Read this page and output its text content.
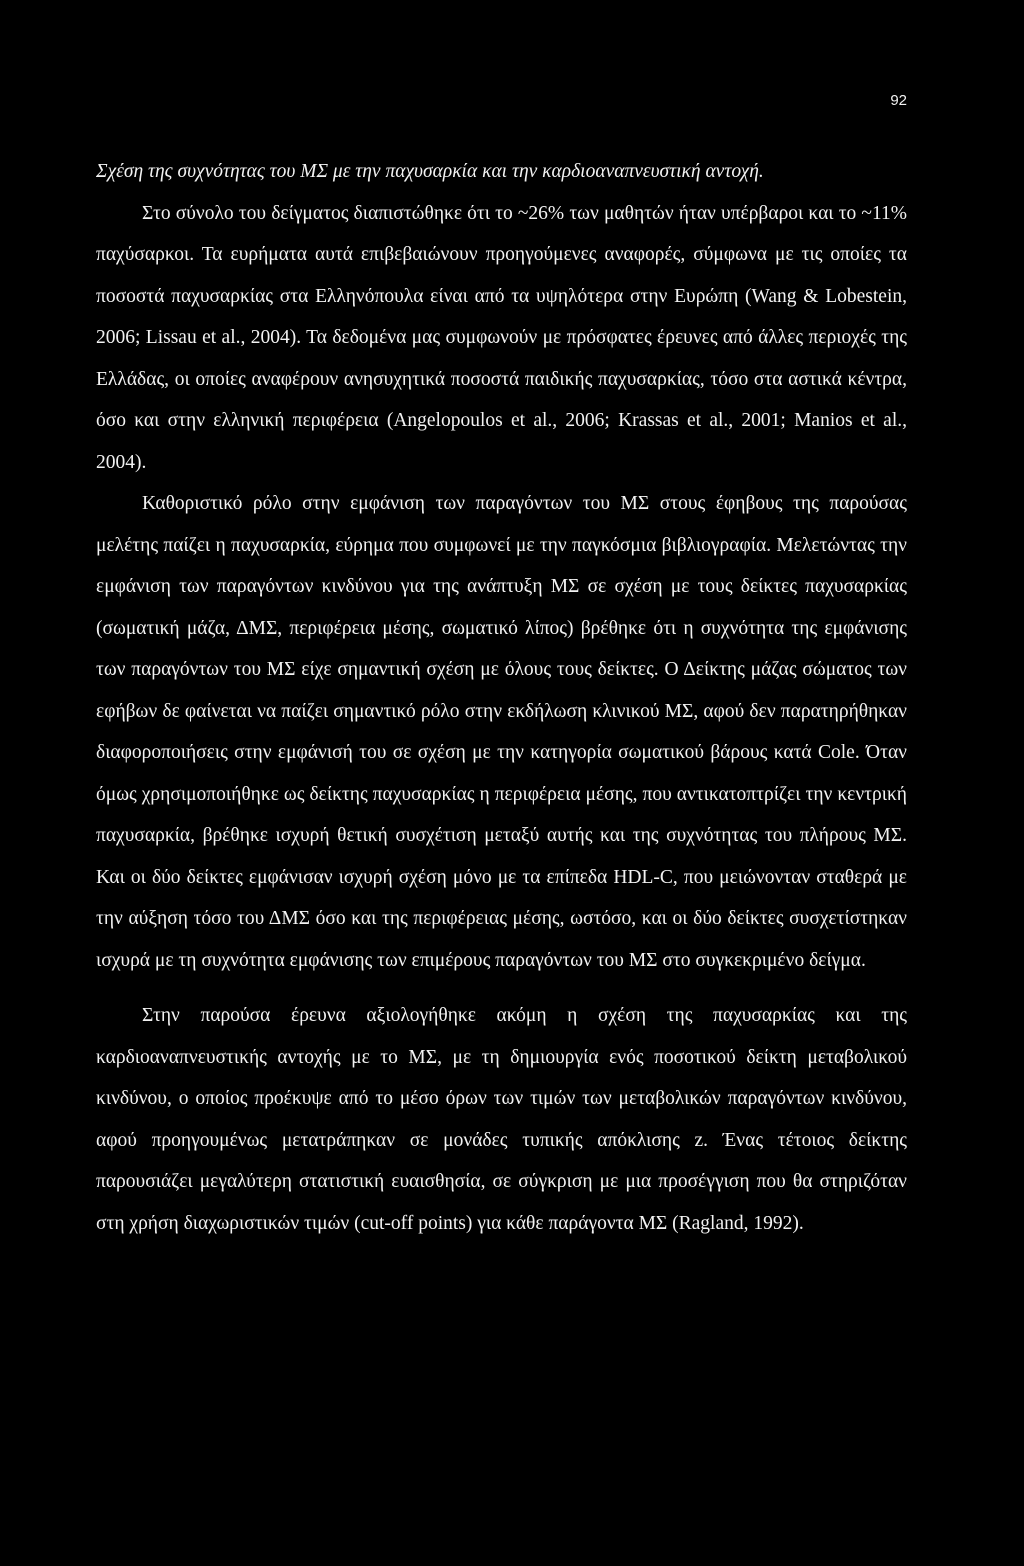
92
Σχέση της συχνότητας του ΜΣ με την παχυσαρκία και την καρδιοαναπνευστική αντοχή.

Στο σύνολο του δείγματος διαπιστώθηκε ότι το ~26% των μαθητών ήταν υπέρβαροι και το ~11% παχύσαρκοι. Τα ευρήματα αυτά επιβεβαιώνουν προηγούμενες αναφορές, σύμφωνα με τις οποίες τα ποσοστά παχυσαρκίας στα Ελληνόπουλα είναι από τα υψηλότερα στην Ευρώπη (Wang & Lobestein, 2006; Lissau et al., 2004). Τα δεδομένα μας συμφωνούν με πρόσφατες έρευνες από άλλες περιοχές της Ελλάδας, οι οποίες αναφέρουν ανησυχητικά ποσοστά παιδικής παχυσαρκίας, τόσο στα αστικά κέντρα, όσο και στην ελληνική περιφέρεια (Angelopoulos et al., 2006; Krassas et al., 2001; Manios et al., 2004).

Καθοριστικό ρόλο στην εμφάνιση των παραγόντων του ΜΣ στους έφηβους της παρούσας μελέτης παίζει η παχυσαρκία, εύρημα που συμφωνεί με την παγκόσμια βιβλιογραφία. Μελετώντας την εμφάνιση των παραγόντων κινδύνου για της ανάπτυξη ΜΣ σε σχέση με τους δείκτες παχυσαρκίας (σωματική μάζα, ΔΜΣ, περιφέρεια μέσης, σωματικό λίπος) βρέθηκε ότι η συχνότητα της εμφάνισης των παραγόντων του ΜΣ είχε σημαντική σχέση με όλους τους δείκτες. Ο Δείκτης μάζας σώματος των εφήβων δε φαίνεται να παίζει σημαντικό ρόλο στην εκδήλωση κλινικού ΜΣ, αφού δεν παρατηρήθηκαν διαφοροποιήσεις στην εμφάνισή του σε σχέση με την κατηγορία σωματικού βάρους κατά Cole. Όταν όμως χρησιμοποιήθηκε ως δείκτης παχυσαρκίας η περιφέρεια μέσης, που αντικατοπτρίζει την κεντρική παχυσαρκία, βρέθηκε ισχυρή θετική συσχέτιση μεταξύ αυτής και της συχνότητας του πλήρους ΜΣ. Και οι δύο δείκτες εμφάνισαν ισχυρή σχέση μόνο με τα επίπεδα HDL-C, που μειώνονταν σταθερά με την αύξηση τόσο του ΔΜΣ όσο και της περιφέρειας μέσης, ωστόσο, και οι δύο δείκτες συσχετίστηκαν ισχυρά με τη συχνότητα εμφάνισης των επιμέρους παραγόντων του ΜΣ στο συγκεκριμένο δείγμα.

Στην παρούσα έρευνα αξιολογήθηκε ακόμη η σχέση της παχυσαρκίας και της καρδιοαναπνευστικής αντοχής με το ΜΣ, με τη δημιουργία ενός ποσοτικού δείκτη μεταβολικού κινδύνου, ο οποίος προέκυψε από το μέσο όρων των τιμών των μεταβολικών παραγόντων κινδύνου, αφού προηγουμένως μετατράπηκαν σε μονάδες τυπικής απόκλισης z. Ένας τέτοιος δείκτης παρουσιάζει μεγαλύτερη στατιστική ευαισθησία, σε σύγκριση με μια προσέγγιση που θα στηριζόταν στη χρήση διαχωριστικών τιμών (cut-off points) για κάθε παράγοντα ΜΣ (Ragland, 1992).
